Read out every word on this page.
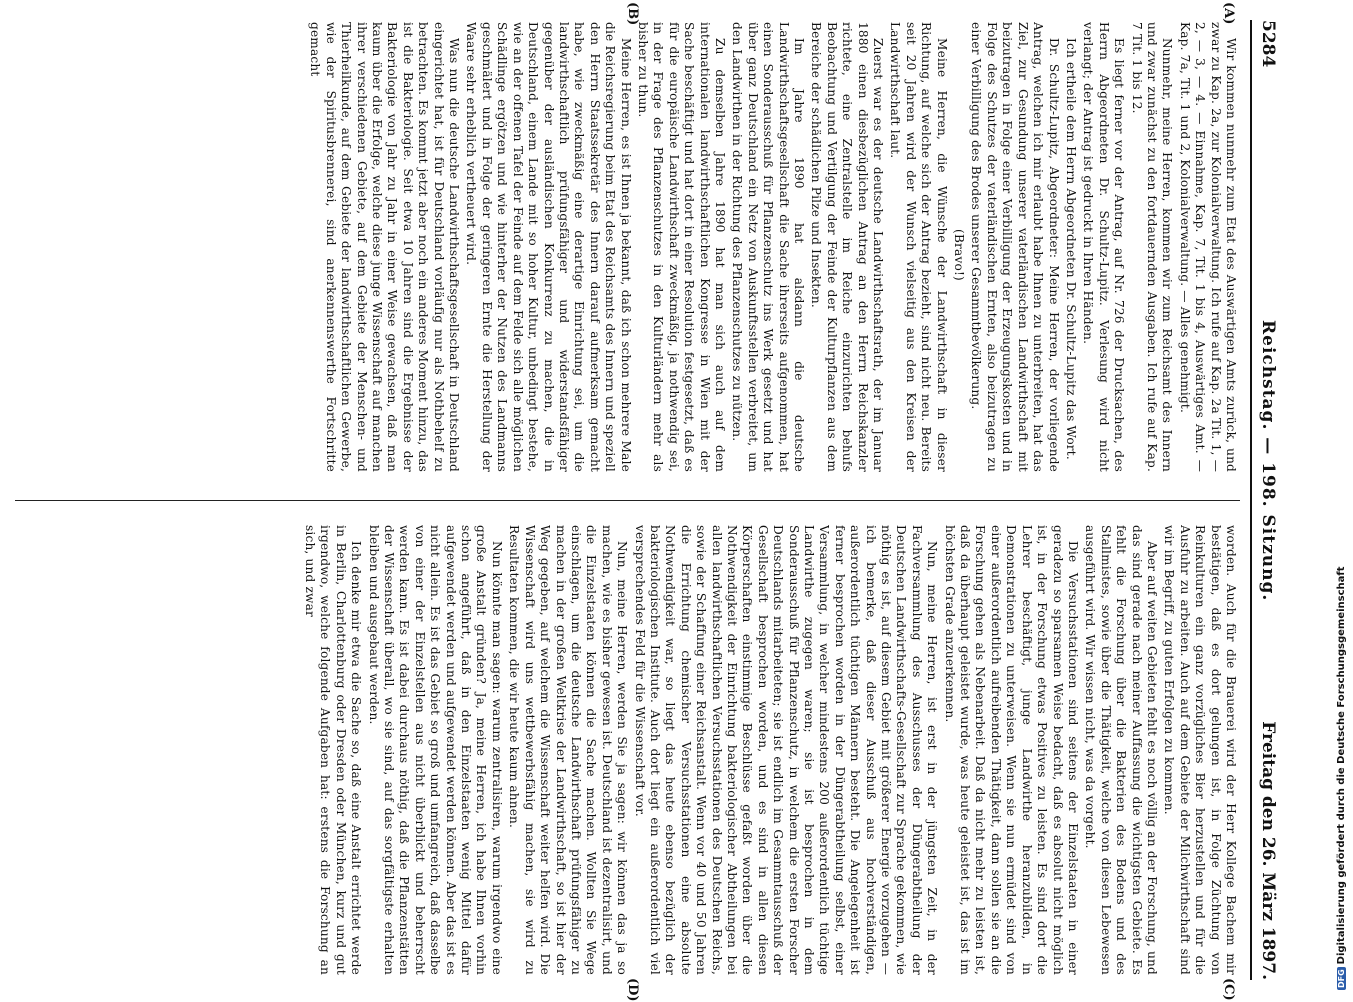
5284
Reichstag. — 198. Sitzung.
Freitag den 26. März 1897.
(A)
(B)
(C)
(D)

Wir kommen nunmehr zum Etat des Auswärtigen Amts zurück, und zwar zu Kap. 2a, zur Kolonialverwaltung. Ich rufe auf Kap. 2a Tit. 1, — 2, — 3, — 4. — Einnahme, Kap. 7, Tit. 1 bis 4, Auswärtiges Amt. — Kap. 7a, Tit. 1 und 2, Kolonialverwaltung. — Alles genehmigt.

Nunmehr, meine Herren, kommen wir zum Reichsamt des Innern und zwar zunächst zu den fortdauernden Ausgaben. Ich rufe auf Kap. 7 Tit. 1 bis 12.

Es liegt ferner vor der Antrag, auf Nr. 726 der Drucksachen, des Herrn Abgeordneten Dr. Schultz-Lupitz. Verlesung wird nicht verlangt; der Antrag ist gedruckt in Ihren Händen.

Ich ertheile dem Herrn Abgeordneten Dr. Schultz-Lupitz das Wort.

Dr. Schultz-Lupitz, Abgeordneter: Meine Herren, der vorliegende Antrag, welchen ich mir erlaubt habe Ihnen zu unterbreiten, hat das Ziel, zur Gesundung unserer vaterländischen Landwirthschaft mit beizutragen in Folge einer Verbilligung der Erzeugungskosten und in Folge des Schutzes der vaterländischen Ernten, also beizutragen zu einer Verbilligung des Brodes unserer Gesammtbevölkerung.

(Bravo!)

Meine Herren, die Wünsche der Landwirthschaft in dieser Richtung, auf welche sich der Antrag bezieht, sind nicht neu. Bereits seit 20 Jahren wird der Wunsch vielseitig aus den Kreisen der Landwirthschaft laut.

Zuerst war es der deutsche Landwirthschaftsrath, der im Januar 1880 einen diesbezüglichen Antrag an den Herrn Reichskanzler richtete, eine Zentralstelle im Reiche einzurichten behufs Beobachtung und Vertilgung der Feinde der Kulturpflanzen aus dem Bereiche der schädlichen Pilze und Insekten.

Im Jahre 1890 hat alsdann die deutsche Landwirthschaftsgesellschaft die Sache ihrerseits aufgenommen, hat einen Sonderausschuß für Pflanzenschutz ins Werk gesetzt und hat über ganz Deutschland ein Netz von Auskunftsstellen verbreitet, um den Landwirthen in der Richtung des Pflanzenschutzes zu nützen.

Zu demselben Jahre 1890 hat man sich auch auf dem internationalen landwirthschaftlichen Kongresse in Wien mit der Sache beschäftigt und hat dort in einer Resolution festgesetzt, daß es für die europäische Landwirthschaft zweckmäßig, ja nothwendig sei, in der Frage des Pflanzenschutzes in den Kulturländern mehr als bisher zu thun.

Meine Herren, es ist Ihnen ja bekannt, daß ich schon mehrere Male die Reichsregierung beim Etat des Reichsamts des Innern und speziell den Herrn Staatssekretär des Innern darauf aufmerksam gemacht habe, wie zweckmäßig eine derartige Einrichtung sei, um die landwirthschaftlich prüfungsfähiger und widerstandsfähiger gegenüber der ausländischen Konkurrenz zu machen, die in Deutschland, einem Lande mit so hoher Kultur, unbedingt bestehe, wie an der offenen Tafel der Feinde auf dem Felde sich alle möglichen Schädlinge ergötzen und wie hinterher der Nutzen des Landmanns geschmälert und in Folge der geringeren Ernte die Herstellung der Waare sehr erheblich vertheuert wird.

Was nun die deutsche Landwirthschaftsgesellschaft in Deutschland eingerichtet hat, ist für Deutschland vorläufig nur als Nothbehelf zu betrachten. Es kommt jetzt aber noch ein anderes Moment hinzu, das ist die Bakteriologie. Seit etwa 10 Jahren sind die Ergebnisse der Bakteriologie von Jahr zu Jahr in einer Weise gewachsen, daß man kaum über die Erfolge, welche diese junge Wissenschaft auf manchen ihrer verschiedenen Gebiete, auf dem Gebiete der Menschen- und Thierheilkunde, auf dem Gebiete der landwirthschaftlichen Gewerbe, wie der Spiritusbrennerei, sind anerkennenswerthe Fortschritte gemacht

worden. Auch für die Brauerei wird der Herr Kollege Bachem mir bestätigen, daß es dort gelungen ist, in Folge Züchtung von Reinkulturen ein ganz vorzügliches Bier herzustellen und für die Ausfuhr zu arbeiten. Auch auf dem Gebiete der Milchwirthschaft sind wir im Begriff, zu guten Erfolgen zu kommen.

Aber auf weiten Gebieten fehlt es noch völlig an der Forschung, und das sind gerade nach meiner Auffassung die wichtigsten Gebiete. Es fehlt die Forschung über die Bakterien des Bodens und des Stallmistes, sowie über die Thätigkeit, welche von diesen Lebewesen ausgeführt wird. Wir wissen nicht, was da vorgeht.

Die Versuchsstationen sind seitens der Einzelstaaten in einer geradezu so sparsamen Weise bedacht, daß es absolut nicht möglich ist, in der Forschung etwas Positives zu leisten. Es sind dort die Lehrer beschäftigt, junge Landwirthe heranzubilden, in Demonstrationen zu unterweisen. Wenn sie nun ermüdet sind von einer außerordentlich aufreibenden Thätigkeit, dann sollen sie an die Forschung gehen als Nebenarbeit. Daß da nicht mehr zu leisten ist, daß da überhaupt geleistet wurde, was heute geleistet ist, das ist im höchsten Grade anzuerkennen.

Nun, meine Herren, ist erst in der jüngsten Zeit, in der Fachversammlung des Ausschusses der Düngerabtheilung der Deutschen Landwirthschafts-Gesellschaft zur Sprache gekommen, wie nöthig es ist, auf diesem Gebiet mit größerer Energie vorzugehen — ich bemerke, daß dieser Ausschuß aus hochverständigen, außerordentlich tüchtigen Männern besteht. Die Angelegenheit ist ferner besprochen worden in der Düngerabtheilung selbst, einer Versammlung, in welcher mindestens 200 außerordentlich tüchtige Landwirthe zugegen waren; sie ist besprochen in dem Sonderausschuß für Pflanzenschutz, in welchem die ersten Forscher Deutschlands mitarbeiteten; sie ist endlich im Gesammtausschuß der Gesellschaft besprochen worden, und es sind in allen diesen Körperschaften einstimmige Beschlüsse gefaßt worden über die Nothwendigkeit der Einrichtung bakteriologischer Abtheilungen bei allen landwirthschaftlichen Versuchsstationen des Deutschen Reichs, sowie der Schaffung einer Reichsanstalt. Wenn vor 40 und 50 Jahren die Errichtung chemischer Versuchsstationen eine absolute Nothwendigkeit war, so liegt das heute ebenso bezüglich der bakteriologischen Institute. Auch dort liegt ein außerordentlich viel versprechendes Feld für die Wissenschaft vor.

Nun, meine Herren, werden Sie ja sagen: wir können das ja so machen, wie es bisher gewesen ist. Deutschland ist dezentralisirt, und die Einzelstaaten können die Sache machen. Wollten Sie Wege einschlagen, um die deutsche Landwirthschaft prüfungsfähiger zu machen in der großen Weltkrise der Landwirthschaft, so ist hier der Weg gegeben, auf welchem die Wissenschaft weiter helfen wird. Die Wissenschaft wird uns wettbewerbsfähig machen, sie wird zu Resultaten kommen, die wir heute kaum ahnen.

Nun könnte man sagen: warum zentralisiren, warum irgendwo eine große Anstalt gründen? Ja, meine Herren, ich habe Ihnen vorhin schon angeführt, daß in den Einzelstaaten wenig Mittel dafür aufgewendet werden und aufgewendet werden können. Aber das ist es nicht allein. Es ist das Gebiet so groß und umfangreich, daß dasselbe von einer der Einzelstellen aus nicht überblickt und beherrscht werden kann. Es ist dabei durchaus nöthig, daß die Pflanzenstätten der Wissenschaft überall, wo sie sind, auf das sorgfältigste erhalten bleiben und ausgebaut werden.

Ich denke mir etwa die Sache so, daß eine Anstalt errichtet werde in Berlin, Charlottenburg oder Dresden oder München, kurz und gut irgendwo, welche folgende Aufgaben hat: erstens die Forschung an sich, und zwar

DFGDigitalisierung gefördert durch die Deutsche Forschungsgemeinschaft
